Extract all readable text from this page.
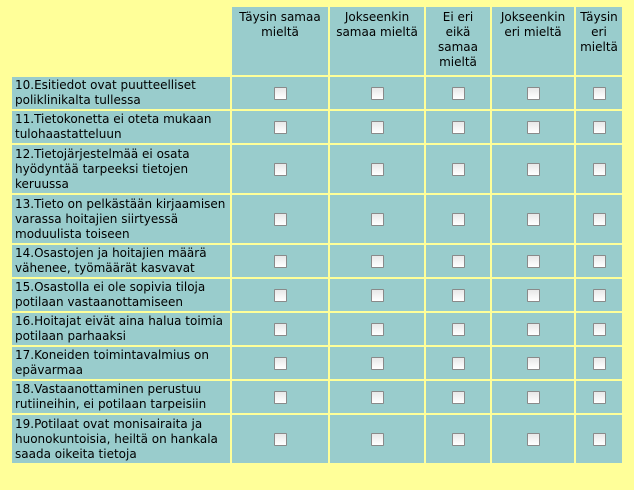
	Täysin samaa mieltä	Jokseenkin samaa mieltä	Ei eri eikä samaa mieltä	Jokseenkin eri mieltä	Täysin eri mieltä
10.Esitiedot ovat puutteelliset poliklinikalta tullessa					
11.Tietokonetta ei oteta mukaan tulohaastatteluun					
12.Tietojärjestelmää ei osata hyödyntää tarpeeksi tietojen keruussa					
13.Tieto on pelkästään kirjaamisen varassa hoitajien siirtyessä moduulista toiseen					
14.Osastojen ja hoitajien määrä vähenee, työmäärät kasvavat					
15.Osastolla ei ole sopivia tiloja potilaan vastaanottamiseen					
16.Hoitajat eivät aina halua toimia potilaan parhaaksi					
17.Koneiden toimintavalmius on epävarmaa					
18.Vastaanottaminen perustuu rutiineihin, ei potilaan tarpeisiin					
19.Potilaat ovat monisairaita ja huonokuntoisia, heiltä on hankala saada oikeita tietoja					
